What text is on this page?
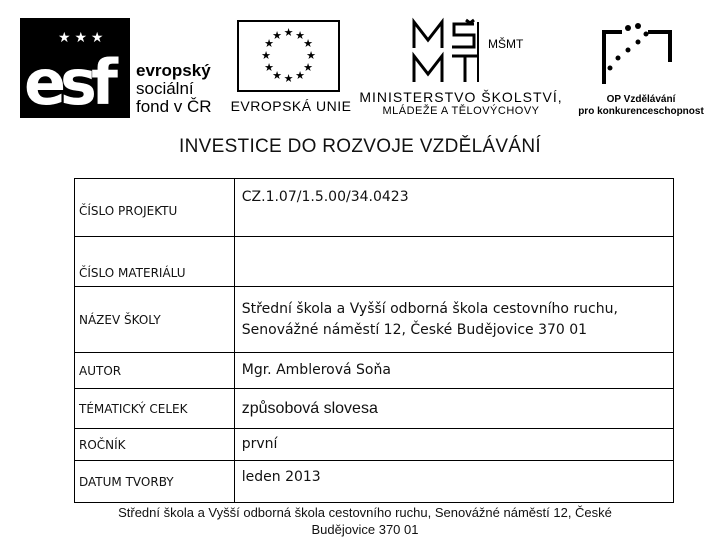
★ ★ ★
esf evropský
sociální
fond v ČR
★ ★
★
★
★
★
★
★
★
★
★
★
EVROPSKÁ UNIE
MŠMT
MINISTERSTVO ŠKOLSTVÍ,
MLÁDEŽE A TĚLOVÝCHOVY
OP Vzdělávání
pro konkurenceschopnost
INVESTICE DO ROZVOJE VZDĚLÁVÁNÍ
ČÍSLO PROJEKTU	CZ.1.07/1.5.00/34.0423
ČÍSLO MATERIÁLU	
NÁZEV ŠKOLY	Střední škola a Vyšší odborná škola cestovního ruchu,
Senovážné náměstí 12, České Budějovice 370 01

AUTOR	Mgr. Amblerová Soňa
TÉMATICKÝ CELEK	způsobová slovesa
ROČNÍK	první
DATUM TVORBY	leden 2013
Střední škola a Vyšší odborná škola cestovního ruchu, Senovážné náměstí 12, České
Budějovice 370 01
